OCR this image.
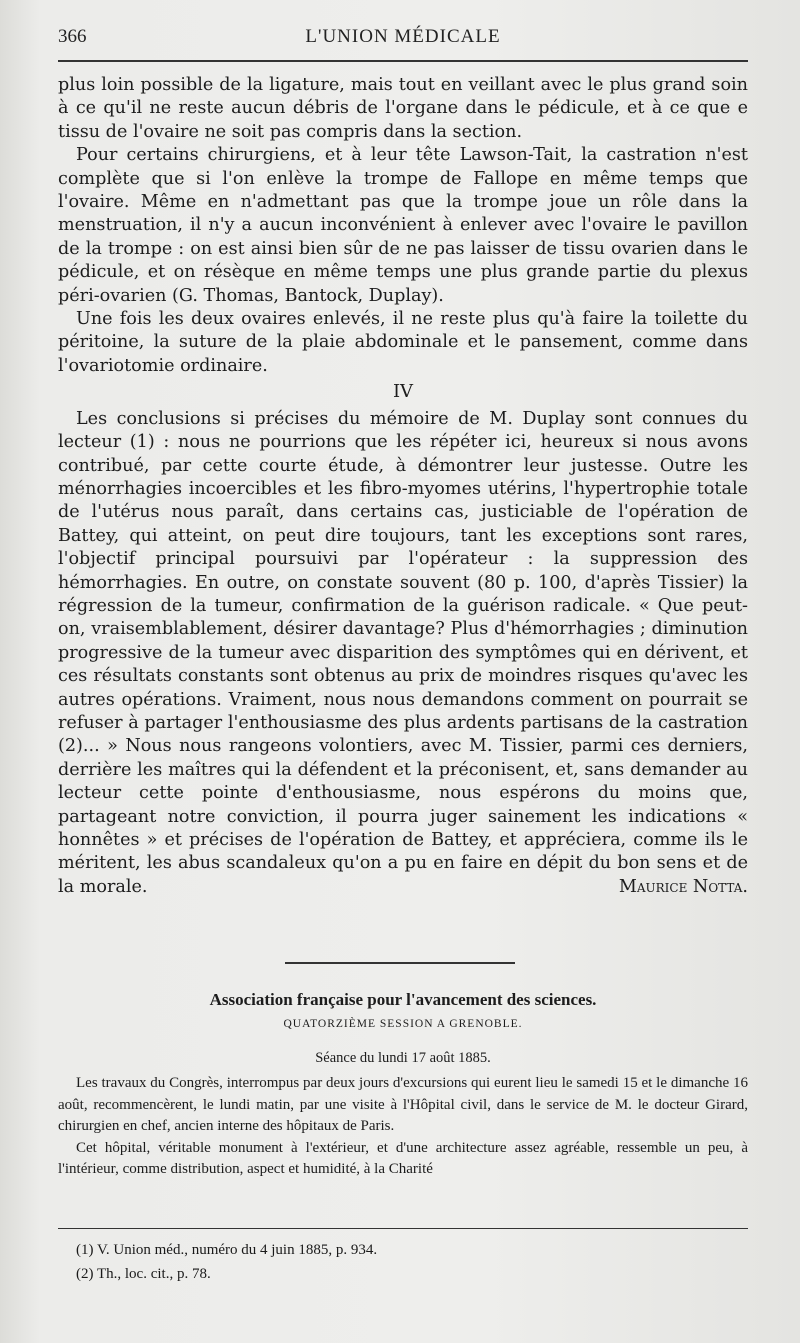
366	L'UNION MÉDICALE

plus loin possible de la ligature, mais tout en veillant avec le plus grand soin à ce qu'il ne reste aucun débris de l'organe dans le pédicule, et à ce que e tissu de l'ovaire ne soit pas compris dans la section.

Pour certains chirurgiens, et à leur tête Lawson-Tait, la castration n'est complète que si l'on enlève la trompe de Fallope en même temps que l'ovaire. Même en n'admettant pas que la trompe joue un rôle dans la menstruation, il n'y a aucun inconvénient à enlever avec l'ovaire le pavillon de la trompe : on est ainsi bien sûr de ne pas laisser de tissu ovarien dans le pédicule, et on résèque en même temps une plus grande partie du plexus péri-ovarien (G. Thomas, Bantock, Duplay).

Une fois les deux ovaires enlevés, il ne reste plus qu'à faire la toilette du péritoine, la suture de la plaie abdominale et le pansement, comme dans l'ovariotomie ordinaire.

IV

Les conclusions si précises du mémoire de M. Duplay sont connues du lecteur (1) : nous ne pourrions que les répéter ici, heureux si nous avons contribué, par cette courte étude, à démontrer leur justesse. Outre les ménorrhagies incoercibles et les fibro-myomes utérins, l'hypertrophie totale de l'utérus nous paraît, dans certains cas, justiciable de l'opération de Battey, qui atteint, on peut dire toujours, tant les exceptions sont rares, l'objectif principal poursuivi par l'opérateur : la suppression des hémorrhagies. En outre, on constate souvent (80 p. 100, d'après Tissier) la régression de la tumeur, confirmation de la guérison radicale. « Que peut-on, vraisemblablement, désirer davantage? Plus d'hémorrhagies ; diminution progressive de la tumeur avec disparition des symptômes qui en dérivent, et ces résultats constants sont obtenus au prix de moindres risques qu'avec les autres opérations. Vraiment, nous nous demandons comment on pourrait se refuser à partager l'enthousiasme des plus ardents partisans de la castration (2)... » Nous nous rangeons volontiers, avec M. Tissier, parmi ces derniers, derrière les maîtres qui la défendent et la préconisent, et, sans demander au lecteur cette pointe d'enthousiasme, nous espérons du moins que, partageant notre conviction, il pourra juger sainement les indications « honnêtes » et précises de l'opération de Battey, et appréciera, comme ils le méritent, les abus scandaleux qu'on a pu en faire en dépit du bon sens et de la morale.	Maurice Notta.

Association française pour l'avancement des sciences.
QUATORZIÈME SESSION A GRENOBLE.
Séance du lundi 17 août 1885.

Les travaux du Congrès, interrompus par deux jours d'excursions qui eurent lieu le samedi 15 et le dimanche 16 août, recommencèrent, le lundi matin, par une visite à l'Hôpital civil, dans le service de M. le docteur Girard, chirurgien en chef, ancien interne des hôpitaux de Paris.

Cet hôpital, véritable monument à l'extérieur, et d'une architecture assez agréable, ressemble un peu, à l'intérieur, comme distribution, aspect et humidité, à la Charité

(1) V. Union méd., numéro du 4 juin 1885, p. 934.
(2) Th., loc. cit., p. 78.
